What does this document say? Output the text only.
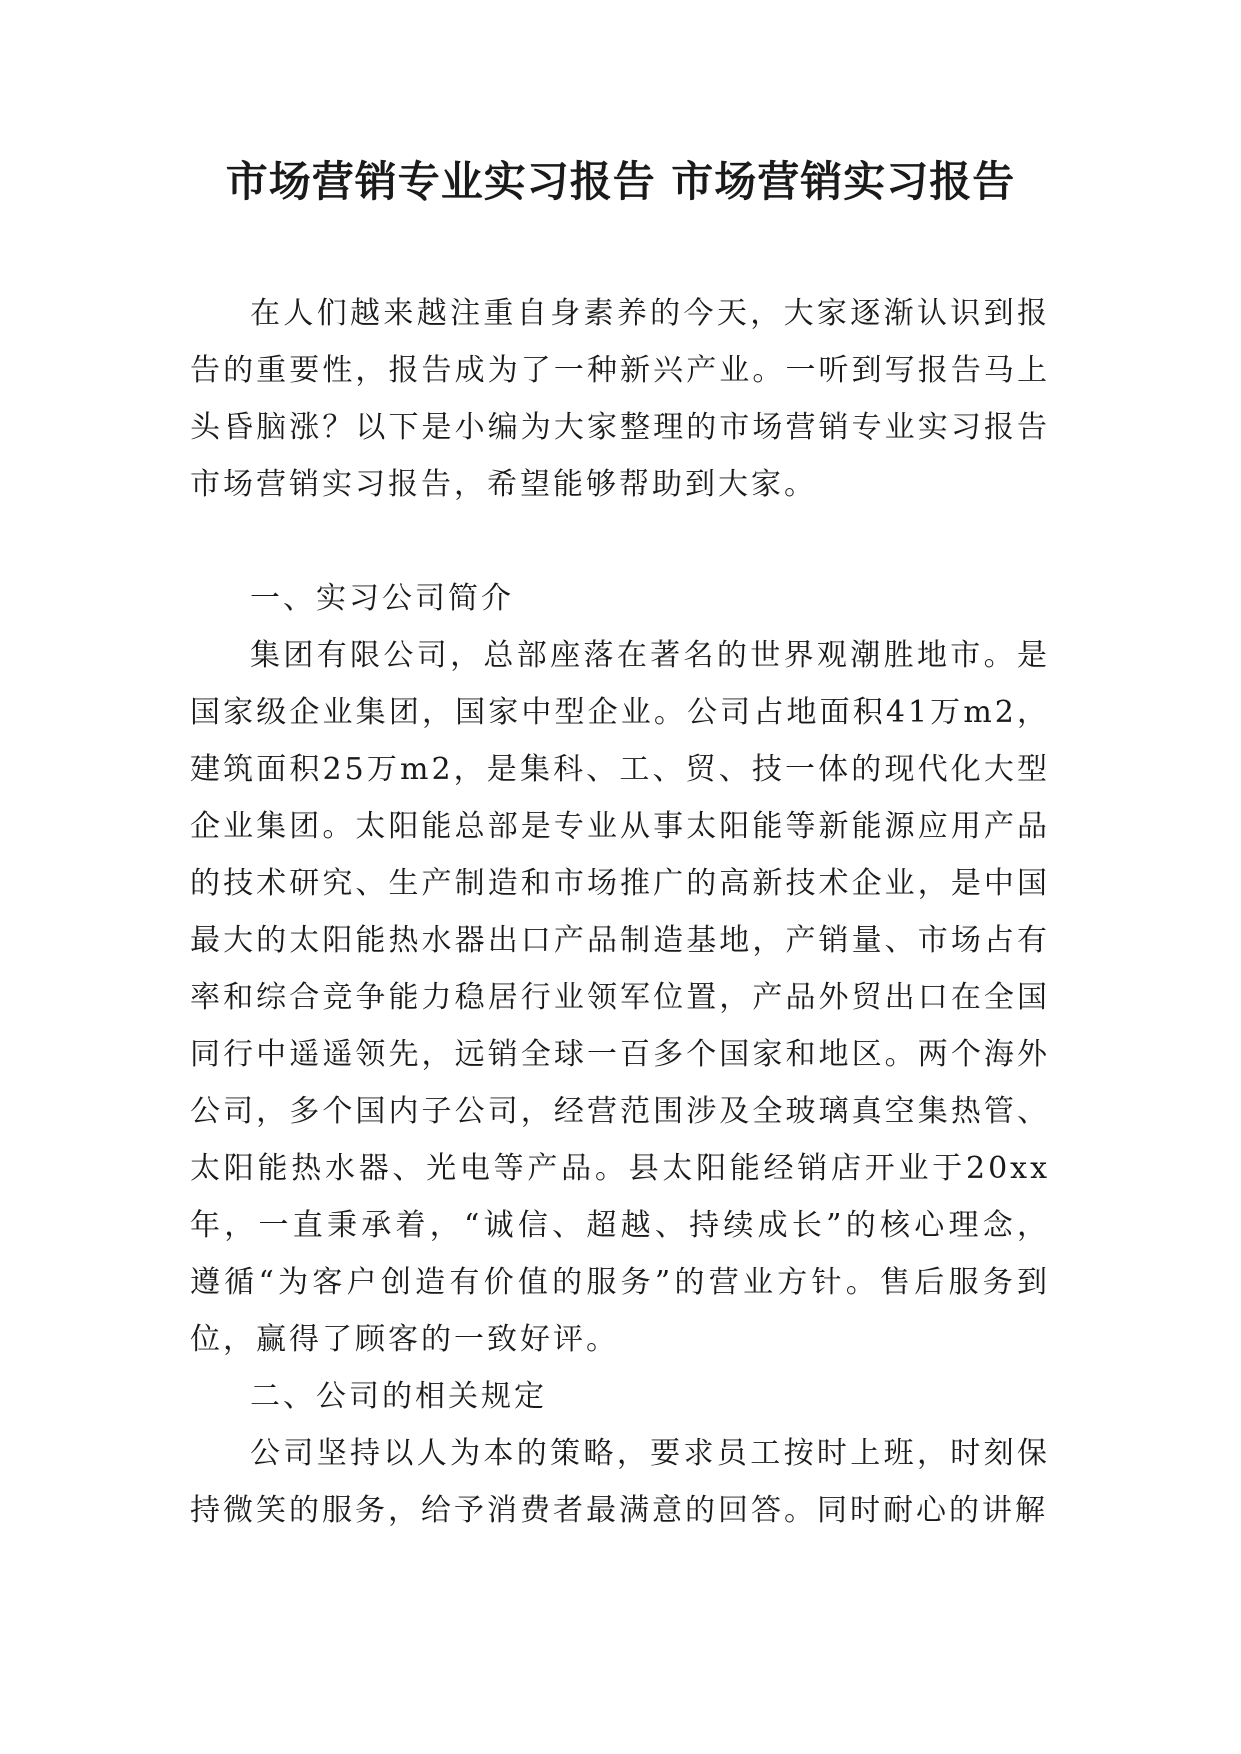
市场营销专业实习报告 市场营销实习报告

在人们越来越注重自身素养的今天，大家逐渐认识到报告的重要性，报告成为了一种新兴产业。一听到写报告马上头昏脑涨？以下是小编为大家整理的市场营销专业实习报告 市场营销实习报告，希望能够帮助到大家。

一、实习公司简介

集团有限公司，总部座落在著名的世界观潮胜地市。是国家级企业集团，国家中型企业。公司占地面积41万m2，建筑面积25万m2，是集科、工、贸、技一体的现代化大型企业集团。太阳能总部是专业从事太阳能等新能源应用产品的技术研究、生产制造和市场推广的高新技术企业，是中国最大的太阳能热水器出口产品制造基地，产销量、市场占有率和综合竞争能力稳居行业领军位置，产品外贸出口在全国同行中遥遥领先，远销全球一百多个国家和地区。两个海外公司，多个国内子公司，经营范围涉及全玻璃真空集热管、太阳能热水器、光电等产品。县太阳能经销店开业于20xx年，一直秉承着，“诚信、超越、持续成长”的核心理念，遵循“为客户创造有价值的服务”的营业方针。售后服务到位，赢得了顾客的一致好评。

二、公司的相关规定

公司坚持以人为本的策略，要求员工按时上班，时刻保持微笑的服务，给予消费者最满意的回答。同时耐心的讲解
